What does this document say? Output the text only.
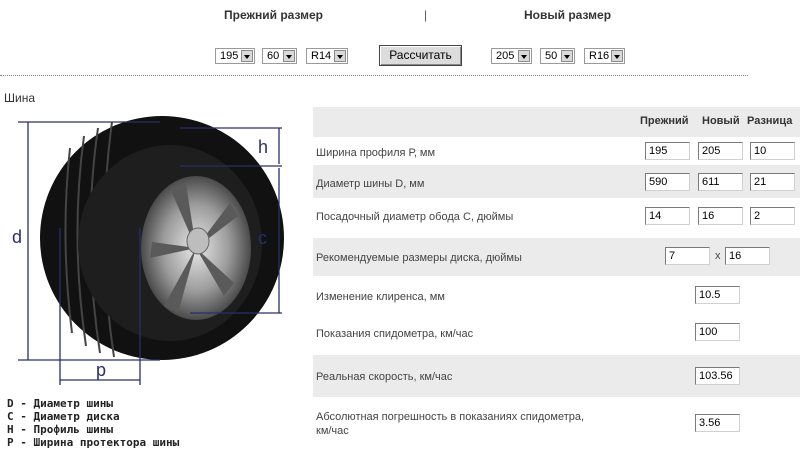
Прежний размер	|	Новый размер
195	60	R14	Рассчитать	205	50	R16
Шина
d
h
c
p
D - Диаметр шины
C - Диаметр диска
H - Профиль шины
P - Ширина протектора шины
Прежний Новый Разница
Ширина профиля Р, мм	195	205	10
Диаметр шины D, мм	590	611	21
Посадочный диаметр обода С, дюймы	14	16	2
Рекомендуемые размеры диска, дюймы	7	x 16
Изменение клиренса, мм	10.5
Показания спидометра, км/час	100
Реальная скорость, км/час	103.56
Абсолютная погрешность в показаниях спидометра,
км/час
3.56
